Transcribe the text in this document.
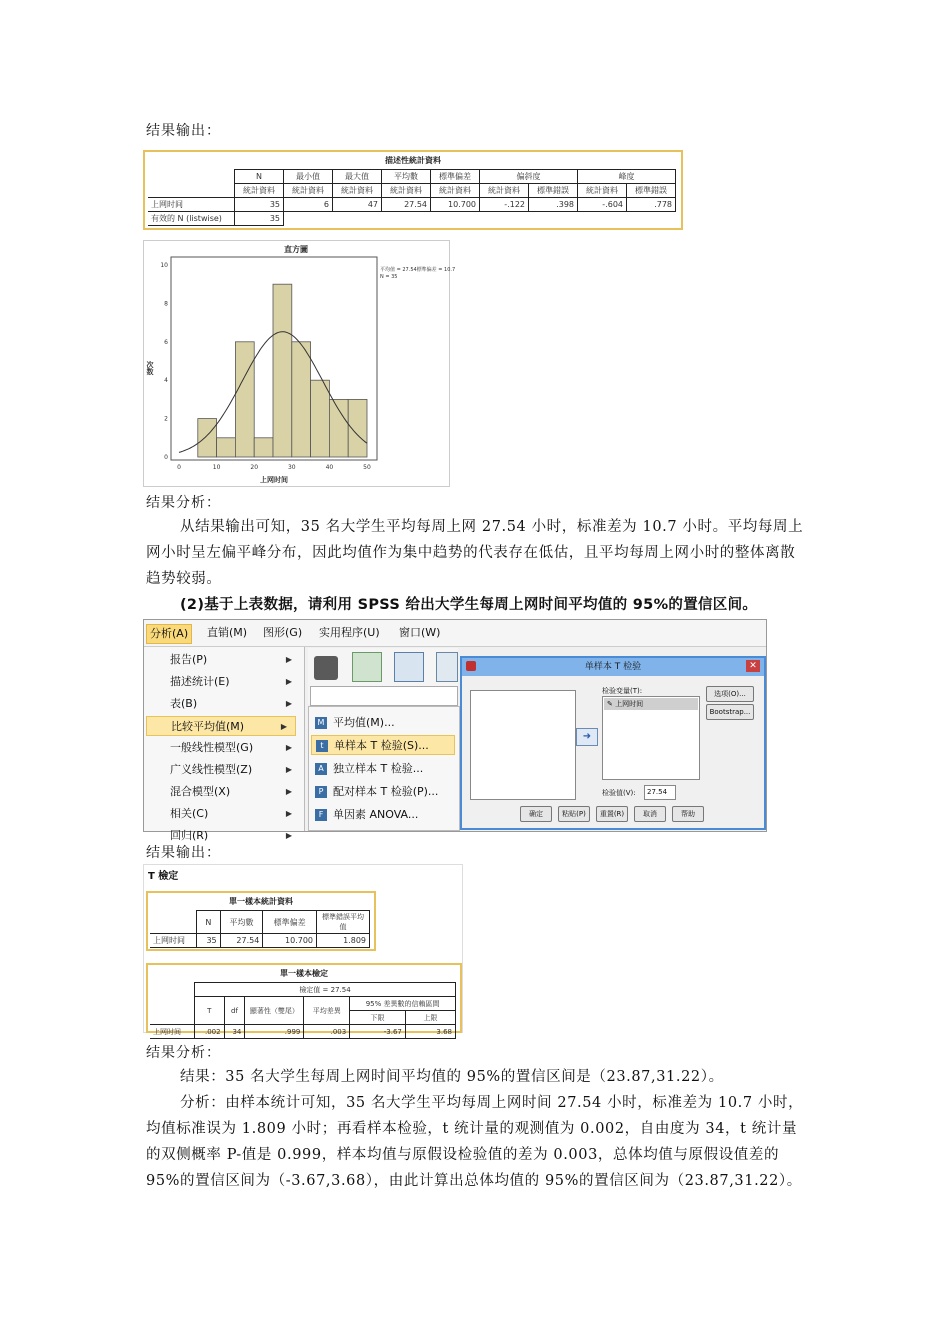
结果输出：
描述性統計資料
	N	最小值	最大值	平均數	標準偏差	偏斜度		峰度	
	統計資料	統計資料	統計資料	統計資料	統計資料	統計資料	標準錯誤	統計資料	標準錯誤
上网时间	35	6	47	27.54	10.700	-.122	.398	-.604	.778
有效的 N (listwise)	35								
直方圖
0	10	20	30	40	50
0
2
4
6
8
10
平均值 = 27.54標準偏差 = 10.7
N = 35
次数
上网时间
结果分析：
从结果输出可知，35 名大学生平均每周上网 27.54 小时，标准差为 10.7 小时。平均每周上网小时呈左偏平峰分布，因此均值作为集中趋势的代表存在低估，且平均每周上网小时的整体离散趋势较弱。
(2)基于上表数据，请利用 SPSS 给出大学生每周上网时间平均值的 95%的置信区间。
分析(A)	直销(M) 图形(G) 实用程序(U) 窗口(W)
报告(P)	▶
描述统计(E)	▶
表(B)	▶
比较平均值(M)	▶
一般线性模型(G)	▶
广义线性模型(Z)	▶
混合模型(X)	▶
相关(C)	▶
回归(R)	▶
M 平均值(M)...
t 单样本 T 检验(S)...
A 独立样本 T 检验...
P 配对样本 T 检验(P)...
F 单因素 ANOVA...
单样本 T 检验	✕
➜
检验变量(T):
✎ 上网时间
选项(O)...
Bootstrap...
检验值(V):	27.54
确定	粘贴(P)	重置(R)	取消	帮助
结果输出：
T 檢定
單一樣本統計資料
	N	平均數	標準偏差	標準錯誤平均值
上网时间	35	27.54	10.700	1.809
單一樣本檢定
	檢定值 = 27.54					
	T	df	顯著性（雙尾）	平均差異	95% 差異數的信賴區間	
					下限	上限
上网时间	.002	34	.999	.003	-3.67	3.68
结果分析：
结果：35 名大学生每周上网时间平均值的 95%的置信区间是（23.87,31.22）。
分析：由样本统计可知，35 名大学生平均每周上网时间 27.54 小时，标准差为 10.7 小时，均值标准误为 1.809 小时；再看样本检验，t 统计量的观测值为 0.002，自由度为 34，t 统计量的双侧概率 P-值是 0.999，样本均值与原假设检验值的差为 0.003，总体均值与原假设值差的 95%的置信区间为（-3.67,3.68），由此计算出总体均值的 95%的置信区间为（23.87,31.22）。
